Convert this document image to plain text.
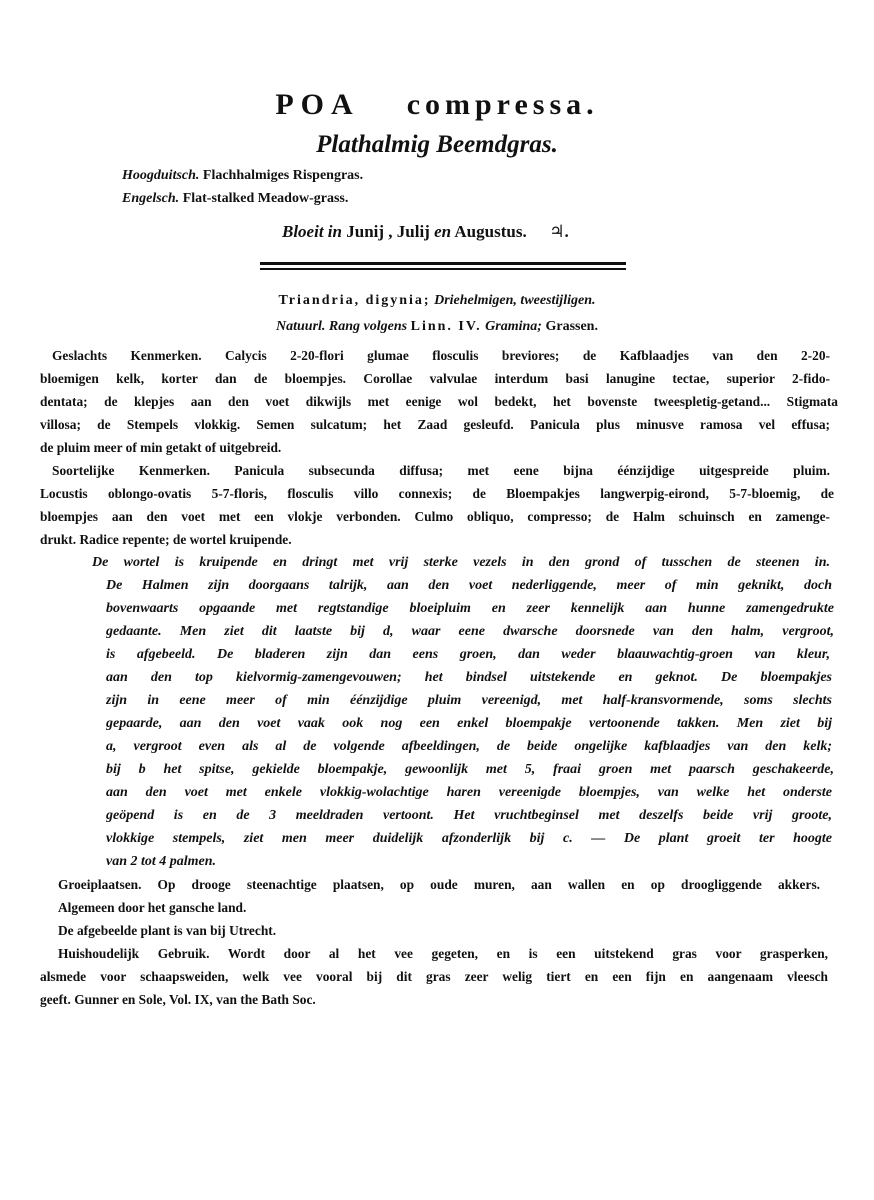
POA compressa.
Plathalmig Beemdgras.
Hoogduitsch. Flachhalmiges Rispengras.
Engelsch. Flat-stalked Meadow-grass.
Bloeit in Junij , Julij en Augustus. ♃.
Triandria, digynia; Driehelmigen, tweestijligen.
Natuurl. Rang volgens Linn. IV. Gramina; Grassen.
Geslachts Kenmerken. Calycis 2-20-flori glumae flosculis breviores; de Kafblaadjes van den 2-20-
bloemigen kelk, korter dan de bloempjes. Corollae valvulae interdum basi lanugine tectae, superior 2-fido-
dentata; de klepjes aan den voet dikwijls met eenige wol bedekt, het bovenste tweespletig-getand... Stigmata
villosa; de Stempels vlokkig. Semen sulcatum; het Zaad gesleufd. Panicula plus minusve ramosa vel effusa;
de pluim meer of min getakt of uitgebreid.
Soortelijke Kenmerken. Panicula subsecunda diffusa; met eene bijna éénzijdige uitgespreide pluim.
Locustis oblongo-ovatis 5-7-floris, flosculis villo connexis; de Bloempakjes langwerpig-eirond, 5-7-bloemig, de
bloempjes aan den voet met een vlokje verbonden. Culmo obliquo, compresso; de Halm schuinsch en zamenge-
drukt. Radice repente; de wortel kruipende.
De wortel is kruipende en dringt met vrij sterke vezels in den grond of tusschen de steenen in.
De Halmen zijn doorgaans talrijk, aan den voet nederliggende, meer of min geknikt, doch
bovenwaarts opgaande met regtstandige bloeipluim en zeer kennelijk aan hunne zamengedrukte
gedaante. Men ziet dit laatste bij d, waar eene dwarsche doorsnede van den halm, vergroot,
is afgebeeld. De bladeren zijn dan eens groen, dan weder blaauwachtig-groen van kleur,
aan den top kielvormig-zamengevouwen; het bindsel uitstekende en geknot. De bloempakjes
zijn in eene meer of min éénzijdige pluim vereenigd, met half-kransvormende, soms slechts
gepaarde, aan den voet vaak ook nog een enkel bloempakje vertoonende takken. Men ziet bij
a, vergroot even als al de volgende afbeeldingen, de beide ongelijke kafblaadjes van den kelk;
bij b het spitse, gekielde bloempakje, gewoonlijk met 5, fraai groen met paarsch geschakeerde,
aan den voet met enkele vlokkig-wolachtige haren vereenigde bloempjes, van welke het onderste
geöpend is en de 3 meeldraden vertoont. Het vruchtbeginsel met deszelfs beide vrij groote,
vlokkige stempels, ziet men meer duidelijk afzonderlijk bij c. — De plant groeit ter hoogte
van 2 tot 4 palmen.
Groeiplaatsen. Op drooge steenachtige plaatsen, op oude muren, aan wallen en op droogliggende akkers.
Algemeen door het gansche land.
De afgebeelde plant is van bij Utrecht.
Huishoudelijk Gebruik. Wordt door al het vee gegeten, en is een uitstekend gras voor grasperken,
alsmede voor schaapsweiden, welk vee vooral bij dit gras zeer welig tiert en een fijn en aangenaam vleesch
geeft. Gunner en Sole, Vol. IX, van the Bath Soc.
